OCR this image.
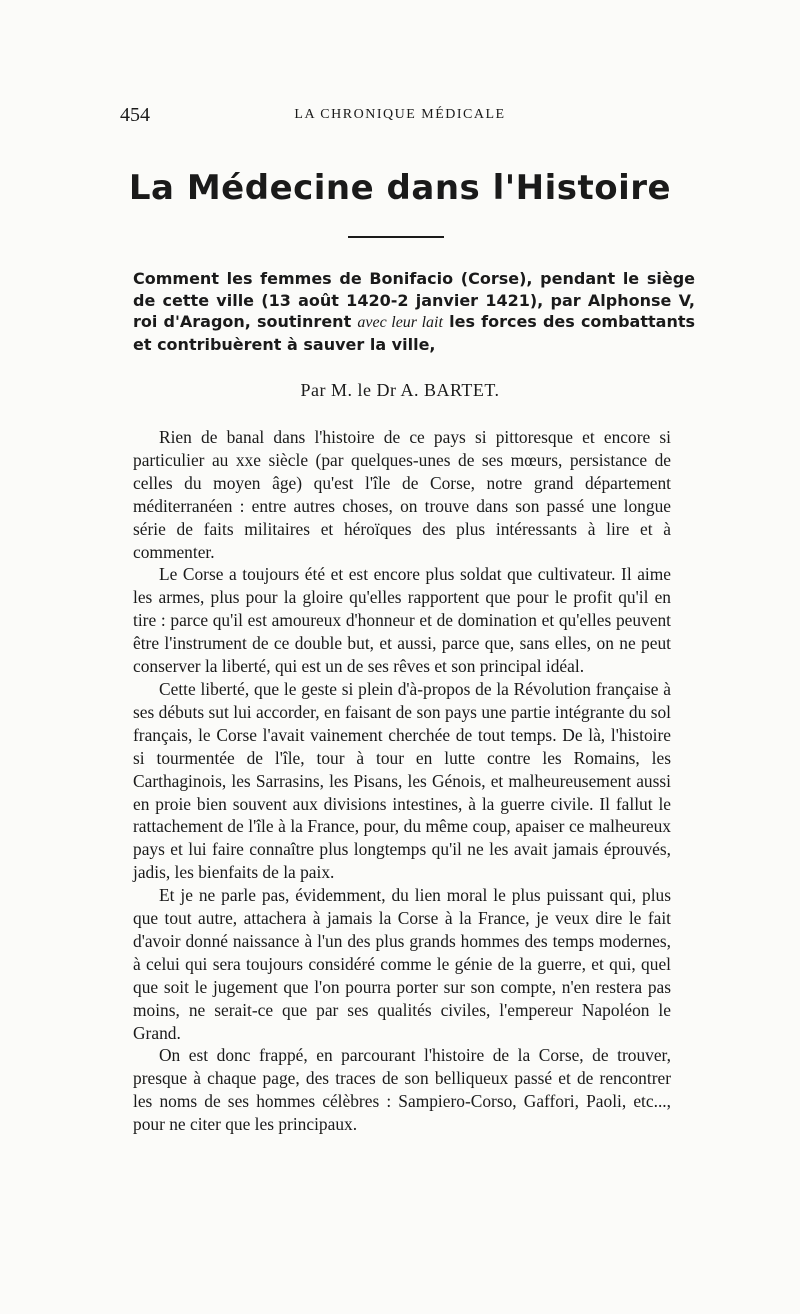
454	LA CHRONIQUE MÉDICALE
La Médecine dans l'Histoire
Comment les femmes de Bonifacio (Corse), pendant le siège de cette ville (13 août 1420-2 janvier 1421), par Alphonse V, roi d'Aragon, soutinrent avec leur lait les forces des combattants et contribuèrent à sauver la ville,
Par M. le Dr A. BARTET.

Rien de banal dans l'histoire de ce pays si pittoresque et encore si particulier au xxe siècle (par quelques-unes de ses mœurs, persistance de celles du moyen âge) qu'est l'île de Corse, notre grand département méditerranéen : entre autres choses, on trouve dans son passé une longue série de faits militaires et héroïques des plus intéressants à lire et à commenter.

Le Corse a toujours été et est encore plus soldat que cultivateur. Il aime les armes, plus pour la gloire qu'elles rapportent que pour le profit qu'il en tire : parce qu'il est amoureux d'honneur et de domination et qu'elles peuvent être l'instrument de ce double but, et aussi, parce que, sans elles, on ne peut conserver la liberté, qui est un de ses rêves et son principal idéal.

Cette liberté, que le geste si plein d'à-propos de la Révolution française à ses débuts sut lui accorder, en faisant de son pays une partie intégrante du sol français, le Corse l'avait vainement cherchée de tout temps. De là, l'histoire si tourmentée de l'île, tour à tour en lutte contre les Romains, les Carthaginois, les Sarrasins, les Pisans, les Génois, et malheureusement aussi en proie bien souvent aux divisions intestines, à la guerre civile. Il fallut le rattachement de l'île à la France, pour, du même coup, apaiser ce malheureux pays et lui faire connaître plus longtemps qu'il ne les avait jamais éprouvés, jadis, les bienfaits de la paix.

Et je ne parle pas, évidemment, du lien moral le plus puissant qui, plus que tout autre, attachera à jamais la Corse à la France, je veux dire le fait d'avoir donné naissance à l'un des plus grands hommes des temps modernes, à celui qui sera toujours considéré comme le génie de la guerre, et qui, quel que soit le jugement que l'on pourra porter sur son compte, n'en restera pas moins, ne serait-ce que par ses qualités civiles, l'empereur Napoléon le Grand.

On est donc frappé, en parcourant l'histoire de la Corse, de trouver, presque à chaque page, des traces de son belliqueux passé et de rencontrer les noms de ses hommes célèbres : Sampiero-Corso, Gaffori, Paoli, etc..., pour ne citer que les principaux.
